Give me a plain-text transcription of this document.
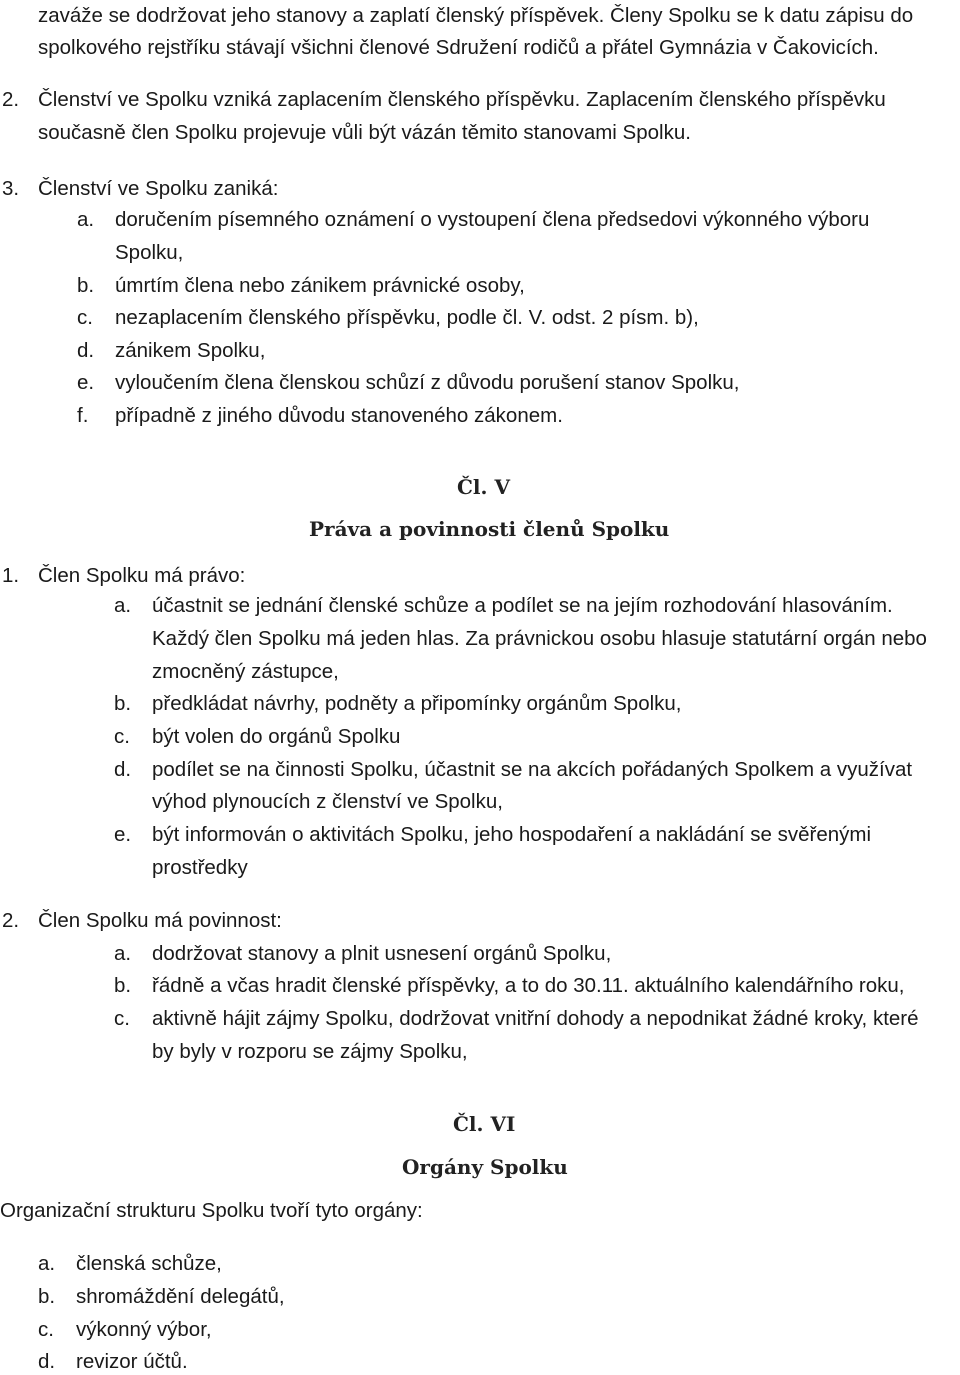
zaváže se dodržovat jeho stanovy a zaplatí členský příspěvek. Členy Spolku se k datu zápisu do
spolkového rejstříku stávají všichni členové Sdružení rodičů a přátel Gymnázia v Čakovicích.
2. Členství ve Spolku vzniká zaplacením členského příspěvku. Zaplacením členského příspěvku
současně člen Spolku projevuje vůli být vázán těmito stanovami Spolku.
3. Členství ve Spolku zaniká:
a. doručením písemného oznámení o vystoupení člena předsedovi výkonného výboru
Spolku,
b. úmrtím člena nebo zánikem právnické osoby,
c. nezaplacením členského příspěvku, podle čl. V. odst. 2 písm. b),
d. zánikem Spolku,
e. vyloučením člena členskou schůzí z důvodu porušení stanov Spolku,
f. případně z jiného důvodu stanoveného zákonem.
Čl. V
Práva a povinnosti členů Spolku
1. Člen Spolku má právo:
a. účastnit se jednání členské schůze a podílet se na jejím rozhodování hlasováním.
Každý člen Spolku má jeden hlas. Za právnickou osobu hlasuje statutární orgán nebo
zmocněný zástupce,
b. předkládat návrhy, podněty a připomínky orgánům Spolku,
c. být volen do orgánů Spolku
d. podílet se na činnosti Spolku, účastnit se na akcích pořádaných Spolkem a využívat
výhod plynoucích z členství ve Spolku,
e. být informován o aktivitách Spolku, jeho hospodaření a nakládání se svěřenými
prostředky
2. Člen Spolku má povinnost:
a. dodržovat stanovy a plnit usnesení orgánů Spolku,
b. řádně a včas hradit členské příspěvky, a to do 30.11. aktuálního kalendářního roku,
c. aktivně hájit zájmy Spolku, dodržovat vnitřní dohody a nepodnikat žádné kroky, které
by byly v rozporu se zájmy Spolku,
Čl. VI
Orgány Spolku
Organizační strukturu Spolku tvoří tyto orgány:
a. členská schůze,
b. shromáždění delegátů,
c. výkonný výbor,
d. revizor účtů.
